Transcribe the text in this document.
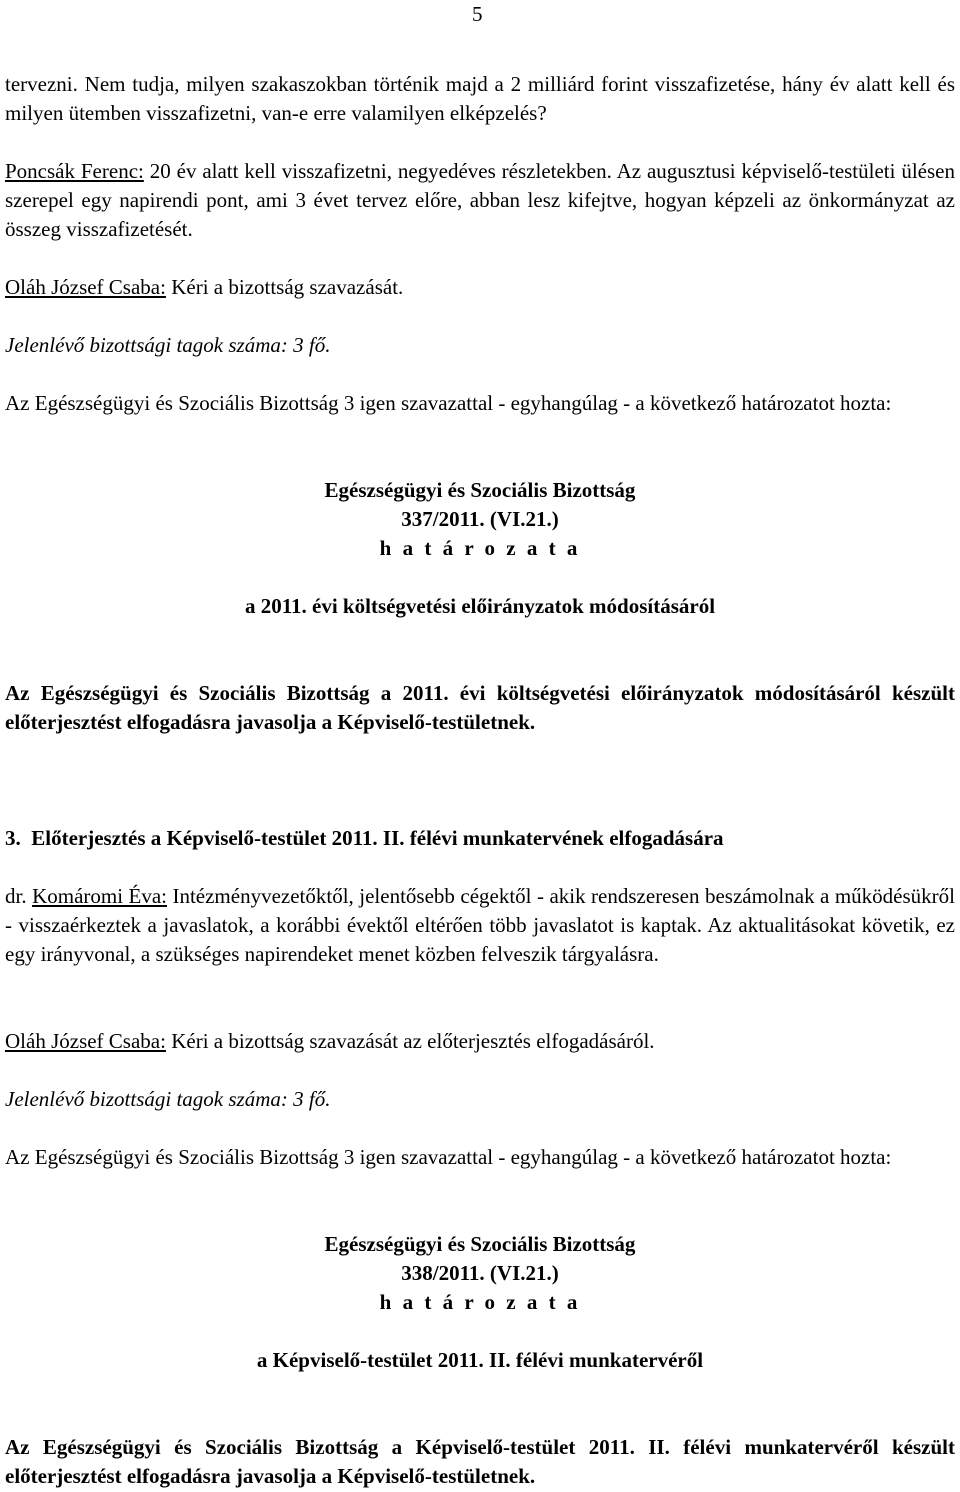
5
tervezni. Nem tudja, milyen szakaszokban történik majd a 2 milliárd forint visszafizetése, hány év alatt kell és milyen ütemben visszafizetni, van-e erre valamilyen elképzelés?
Poncsák Ferenc: 20 év alatt kell visszafizetni, negyedéves részletekben. Az augusztusi képviselő-testületi ülésen szerepel egy napirendi pont, ami 3 évet tervez előre, abban lesz kifejtve, hogyan képzeli az önkormányzat az összeg visszafizetését.
Oláh József Csaba: Kéri a bizottság szavazását.
Jelenlévő bizottsági tagok száma: 3 fő.
Az Egészségügyi és Szociális Bizottság 3 igen szavazattal - egyhangúlag - a következő határozatot hozta:
Egészségügyi és Szociális Bizottság
337/2011. (VI.21.)
h a t á r o z a t a
a 2011. évi költségvetési előirányzatok módosításáról
Az Egészségügyi és Szociális Bizottság a 2011. évi költségvetési előirányzatok módosításáról készült előterjesztést elfogadásra javasolja a Képviselő-testületnek.
3.  Előterjesztés a Képviselő-testület 2011. II. félévi munkatervének elfogadására
dr. Komáromi Éva: Intézményvezetőktől, jelentősebb cégektől - akik rendszeresen beszámolnak a működésükről - visszaérkeztek a javaslatok, a korábbi évektől eltérően több javaslatot is kaptak. Az aktualitásokat követik, ez egy irányvonal, a szükséges napirendeket menet közben felveszik tárgyalásra.
Oláh József Csaba: Kéri a bizottság szavazását az előterjesztés elfogadásáról.
Jelenlévő bizottsági tagok száma: 3 fő.
Az Egészségügyi és Szociális Bizottság 3 igen szavazattal - egyhangúlag - a következő határozatot hozta:
Egészségügyi és Szociális Bizottság
338/2011. (VI.21.)
h a t á r o z a t a
a Képviselő-testület 2011. II. félévi munkatervéről
Az Egészségügyi és Szociális Bizottság a Képviselő-testület 2011. II. félévi munkatervéről készült előterjesztést elfogadásra javasolja a Képviselő-testületnek.
